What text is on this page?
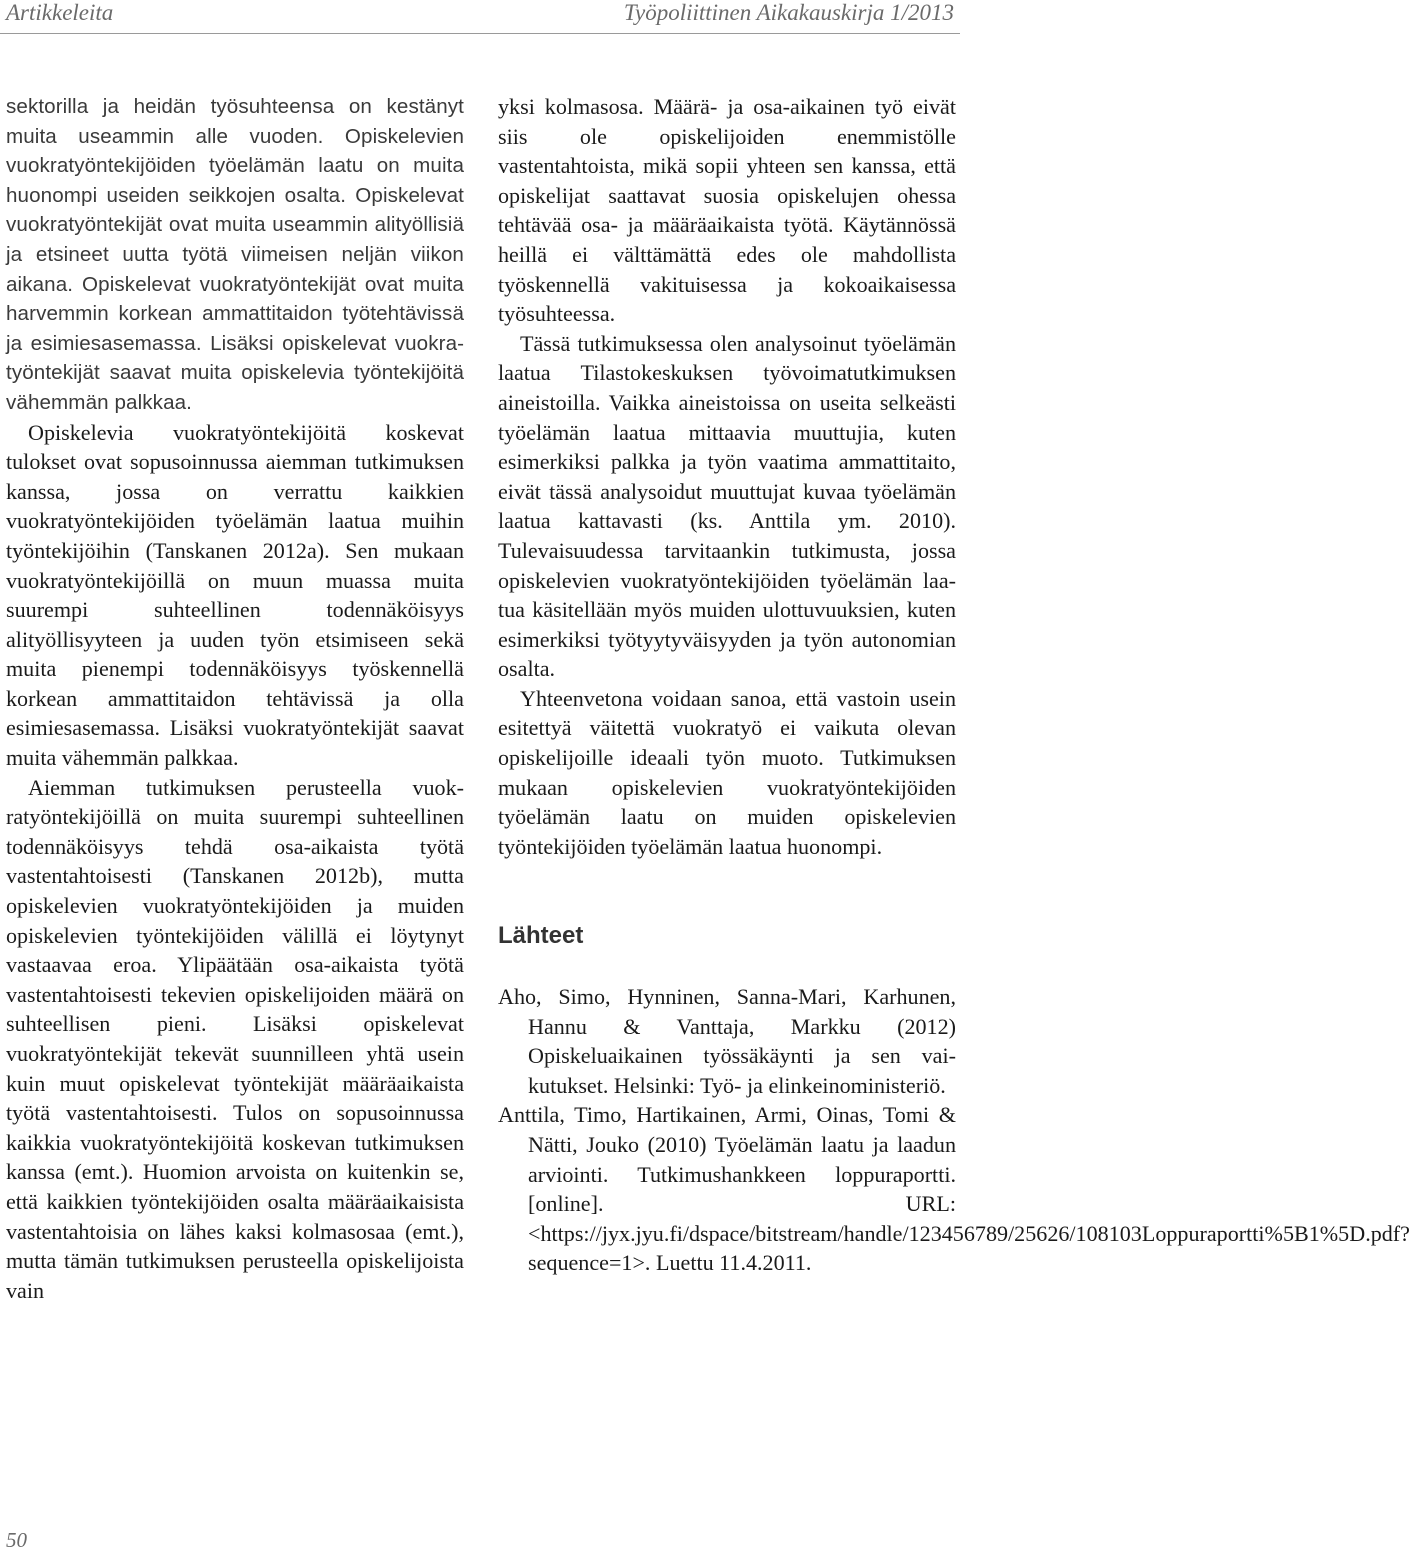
Artikkeleita	Työpoliittinen Aikakauskirja 1/2013

sektorilla ja heidän työsuhteensa on kestänyt muita useammin alle vuoden. Opiskelevien vuokratyöntekijöiden työelämän laatu on muita huonompi useiden seikkojen osalta. Opiskelevat vuokratyöntekijät ovat muita useammin alityöllisiä ja etsineet uutta työtä viimeisen neljän viikon aikana. Opiskelevat vuokratyöntekijät ovat muita harvemmin korkean ammattitaidon työtehtävissä ja esimiesasemassa. Lisäksi opiskelevat vuokratyöntekijät saavat muita opiskelevia työntekijöitä vähemmän palkkaa.

Opiskelevia vuokratyöntekijöitä koskevat tulokset ovat sopusoinnussa aiemman tutkimuksen kanssa, jossa on verrattu kaikkien vuokratyöntekijöiden työelämän laatua muihin työntekijöihin (Tanskanen 2012a). Sen mukaan vuokratyöntekijöillä on muun muassa muita suurempi suhteellinen todennäköisyys alityöllisyyteen ja uuden työn etsimiseen sekä muita pienempi todennäköisyys työskennellä korkean ammattitaidon tehtävissä ja olla esimiesasemassa. Lisäksi vuokratyöntekijät saavat muita vähemmän palkkaa.

Aiemman tutkimuksen perusteella vuokratyöntekijöillä on muita suurempi suhteellinen todennäköisyys tehdä osa-aikaista työtä vastentahtoisesti (Tanskanen 2012b), mutta opiskelevien vuokratyöntekijöiden ja muiden opiskelevien työntekijöiden välillä ei löytynyt vastaavaa eroa. Ylipäätään osa-aikaista työtä vastentahtoisesti tekevien opiskelijoiden määrä on suhteellisen pieni. Lisäksi opiskelevat vuokratyöntekijät tekevät suunnilleen yhtä usein kuin muut opiskelevat työntekijät määräaikaista työtä vastentahtoisesti. Tulos on sopusoinnussa kaikkia vuokratyöntekijöitä koskevan tutkimuksen kanssa (emt.). Huomion arvoista on kuitenkin se, että kaikkien työntekijöiden osalta määräaikaisista vastentahtoisia on lähes kaksi kolmasosaa (emt.), mutta tämän tutkimuksen perusteella opiskelijoista vain

yksi kolmasosa. Määrä- ja osa-aikainen työ eivät siis ole opiskelijoiden enemmistölle vastentahtoista, mikä sopii yhteen sen kanssa, että opiskelijat saattavat suosia opiskelujen ohessa tehtävää osa- ja määräaikaista työtä. Käytännössä heillä ei välttämättä edes ole mahdollista työskennellä vakituisessa ja kokoaikaisessa työsuhteessa.

Tässä tutkimuksessa olen analysoinut työelämän laatua Tilastokeskuksen työvoimatutkimuksen aineistoilla. Vaikka aineistoissa on useita selkeästi työelämän laatua mittaavia muuttujia, kuten esimerkiksi palkka ja työn vaatima ammattitaito, eivät tässä analysoidut muuttujat kuvaa työelämän laatua kattavasti (ks. Anttila ym. 2010). Tulevaisuudessa tarvitaankin tutkimusta, jossa opiskelevien vuokratyöntekijöiden työelämän laatua käsitellään myös muiden ulottuvuuksien, kuten esimerkiksi työtyytyväisyyden ja työn autonomian osalta.

Yhteenvetona voidaan sanoa, että vastoin usein esitettyä väitettä vuokratyö ei vaikuta olevan opiskelijoille ideaali työn muoto. Tutkimuksen mukaan opiskelevien vuokratyöntekijöiden työelämän laatu on muiden opiskelevien työntekijöiden työelämän laatua huonompi.

Lähteet

Aho, Simo, Hynninen, Sanna-Mari, Karhunen, Hannu & Vanttaja, Markku (2012) Opiskeluaikainen työssäkäynti ja sen vaikutukset. Helsinki: Työ- ja elinkeinoministeriö.

Anttila, Timo, Hartikainen, Armi, Oinas, Tomi & Nätti, Jouko (2010) Työelämän laatu ja laadun arviointi. Tutkimushankkeen loppuraportti. [online]. URL: <https://jyx.jyu.fi/dspace/bitstream/handle/123456789/25626/108103Loppuraportti%5B1%5D.pdf?sequence=1>. Luettu 11.4.2011.

50
